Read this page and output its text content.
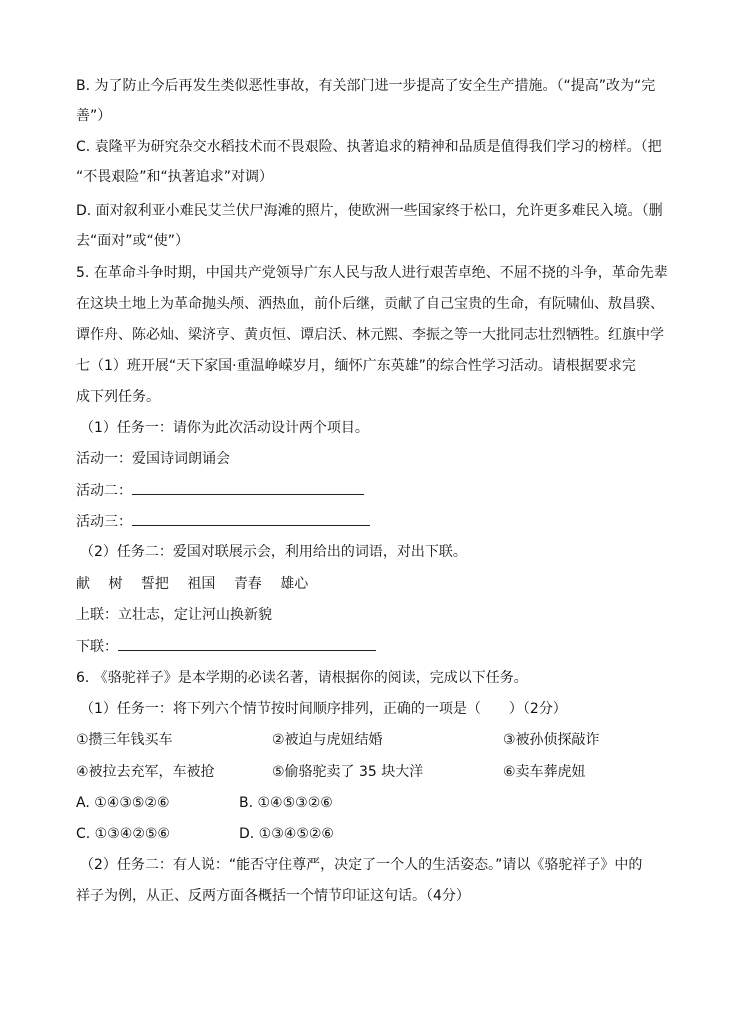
B. 为了防止今后再发生类似恶性事故，有关部门进一步提高了安全生产措施。（“提高”改为“完
善”）
C. 袁隆平为研究杂交水稻技术而不畏艰险、执著追求的精神和品质是值得我们学习的榜样。（把
“不畏艰险”和“执著追求”对调）
D. 面对叙利亚小难民艾兰伏尸海滩的照片，使欧洲一些国家终于松口，允许更多难民入境。（删
去“面对”或“使”）
5. 在革命斗争时期，中国共产党领导广东人民与敌人进行艰苦卓绝、不屈不挠的斗争，革命先辈
在这块土地上为革命抛头颅、洒热血，前仆后继，贡献了自己宝贵的生命，有阮啸仙、敖昌骙、
谭作舟、陈必灿、梁济亨、黄贞恒、谭启沃、林元熙、李振之等一大批同志壮烈牺牲。红旗中学
七（1）班开展“天下家国·重温峥嵘岁月，缅怀广东英雄”的综合性学习活动。请根据要求完
成下列任务。
（1）任务一：请你为此次活动设计两个项目。
活动一：爱国诗词朗诵会
活动二：
活动三：
（2）任务二：爱国对联展示会，利用给出的词语，对出下联。
献 树 誓把 祖国 青春 雄心
上联：立壮志，定让河山换新貌
下联：
6. 《骆驼祥子》是本学期的必读名著，请根据你的阅读，完成以下任务。
（1）任务一：将下列六个情节按时间顺序排列，正确的一项是（　　）（2分）
①攒三年钱买车	②被迫与虎妞结婚	③被孙侦探敲诈
④被拉去充军，车被抢	⑤偷骆驼卖了 35 块大洋	⑥卖车葬虎妞
A. ①④③⑤②⑥	B. ①④⑤③②⑥
C. ①③④②⑤⑥	D. ①③④⑤②⑥
（2）任务二：有人说：“能否守住尊严，决定了一个人的生活姿态。”请以《骆驼祥子》中的
祥子为例，从正、反两方面各概括一个情节印证这句话。（4分）
